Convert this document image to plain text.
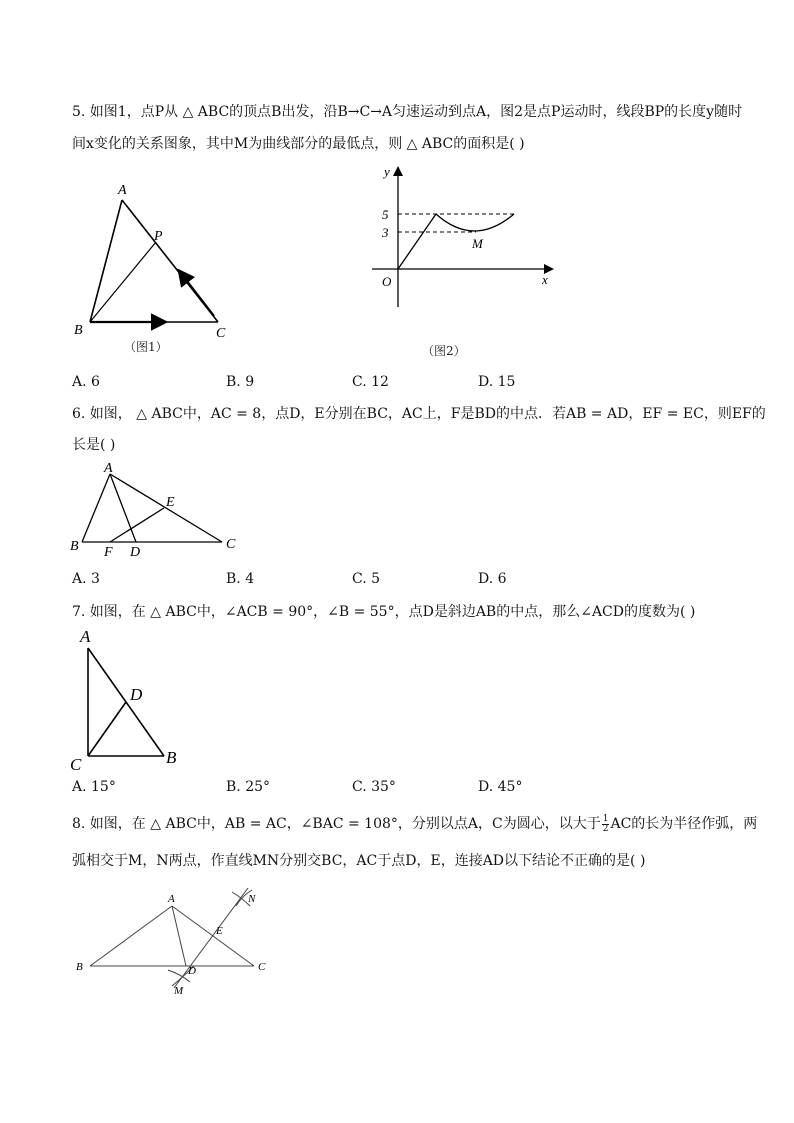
5. 如图1，点P从 △ ABC的顶点B出发，沿B→C→A匀速运动到点A，图2是点P运动时，线段BP的长度y随时
间x变化的关系图象，其中M为曲线部分的最低点，则 △ ABC的面积是( )
A
P
B	C
（图1）
y
5
3
M
O	x
（图2）
A. 6	B. 9	C. 12	D. 15
6. 如图， △ ABC中，AC = 8，点D，E分别在BC，AC上，F是BD的中点．若AB = AD，EF = EC，则EF的
长是( )
A
E
B F D
C
A. 3	B. 4	C. 5	D. 6
7. 如图，在 △ ABC中，∠ACB = 90°，∠B = 55°，点D是斜边AB的中点，那么∠ACD的度数为( )
A
D
C	B
A. 15°	B. 25°	C. 35°	D. 45°
8. 如图，在 △ ABC中，AB = AC，∠BAC = 108°，分别以点A，C为圆心，以大于 $\frac{1}{2}$ AC的长为半径作弧，两
弧相交于M，N两点，作直线MN分别交BC，AC于点D，E，连接AD以下结论不正确的是( )
A	N
E
B	D	C
M
